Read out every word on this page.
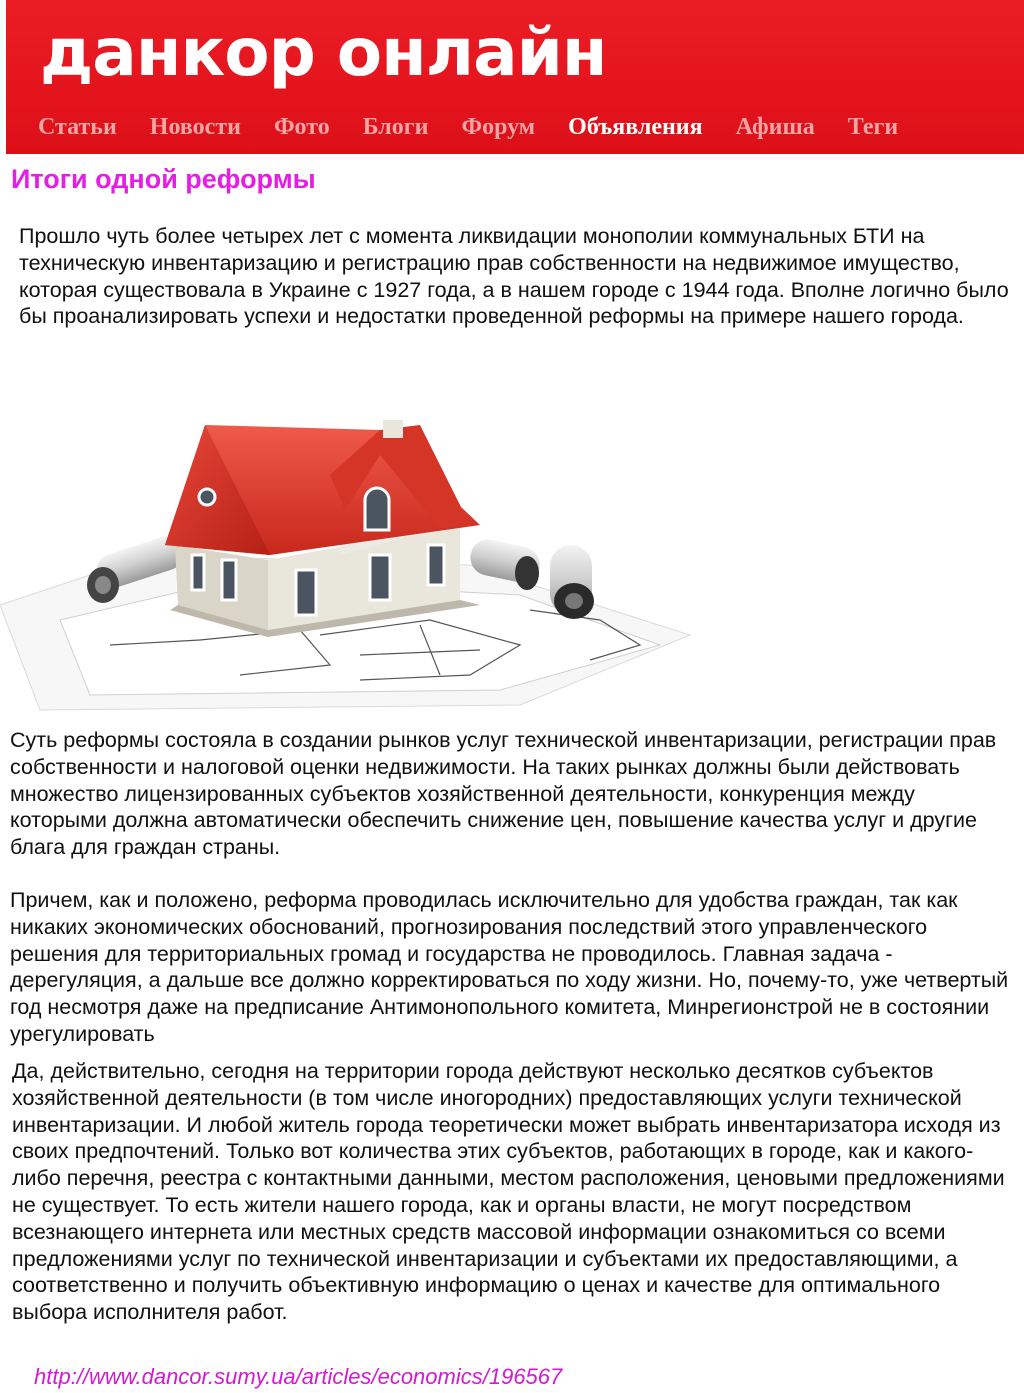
данкор онлайн
Статьи Новости Фото Блоги Форум Объявления Афиша Теги
Итоги одной реформы

Прошло чуть более четырех лет с момента ликвидации монополии коммунальных БТИ на техническую инвентаризацию и регистрацию прав собственности на недвижимое имущество, которая существовала в Украине с 1927 года, а в нашем городе с 1944 года. Вполне логично было бы проанализировать успехи и недостатки проведенной реформы на примере нашего города.

Суть реформы состояла в создании рынков услуг технической инвентаризации, регистрации прав собственности и налоговой оценки недвижимости. На таких рынках должны были действовать множество лицензированных субъектов хозяйственной деятельности, конкуренция между которыми должна автоматически обеспечить снижение цен, повышение качества услуг и другие блага для граждан страны.

Причем, как и положено, реформа проводилась исключительно для удобства граждан, так как никаких экономических обоснований, прогнозирования последствий этого управленческого решения для территориальных громад и государства не проводилось. Главная задача - дерегуляция, а дальше все должно корректироваться по ходу жизни. Но, почему-то, уже четвертый год несмотря даже на предписание Антимонопольного комитета, Минрегионстрой не в состоянии урегулировать

Да, действительно, сегодня на территории города действуют несколько десятков субъектов хозяйственной деятельности (в том числе иногородних) предоставляющих услуги технической инвентаризации. И любой житель города теоретически может выбрать инвентаризатора исходя из своих предпочтений. Только вот количества этих субъектов, работающих в городе, как и какого-либо перечня, реестра с контактными данными, местом расположения, ценовыми предложениями не существует. То есть жители нашего города, как и органы власти, не могут посредством всезнающего интернета или местных средств массовой информации ознакомиться со всеми предложениями услуг по технической инвентаризации и субъектами их предоставляющими, а соответственно и получить объективную информацию о ценах и качестве для оптимального выбора исполнителя работ.

http://www.dancor.sumy.ua/articles/economics/196567
